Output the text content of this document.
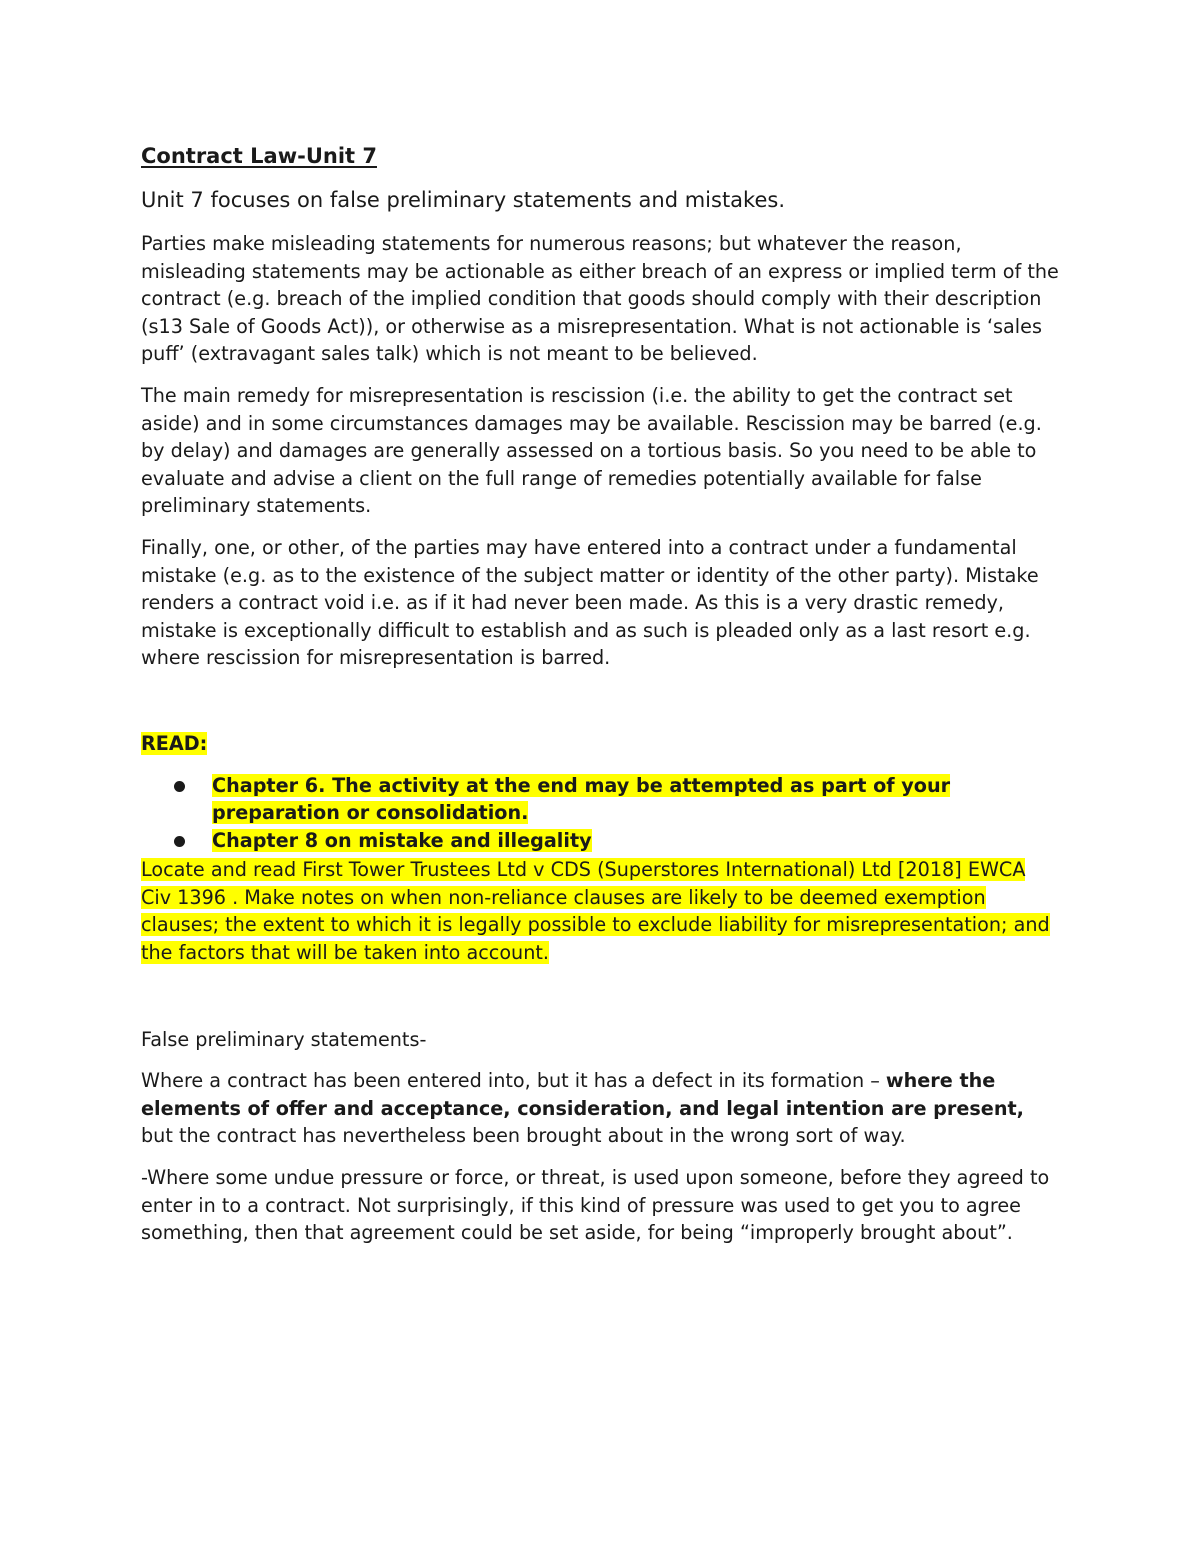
Contract Law-Unit 7
Unit 7 focuses on false preliminary statements and mistakes.

Parties make misleading statements for numerous reasons; but whatever the reason, misleading statements may be actionable as either breach of an express or implied term of the contract (e.g. breach of the implied condition that goods should comply with their description (s13 Sale of Goods Act)), or otherwise as a misrepresentation. What is not actionable is ‘sales puff’ (extravagant sales talk) which is not meant to be believed.

The main remedy for misrepresentation is rescission (i.e. the ability to get the contract set aside) and in some circumstances damages may be available. Rescission may be barred (e.g. by delay) and damages are generally assessed on a tortious basis. So you need to be able to evaluate and advise a client on the full range of remedies potentially available for false preliminary statements.

Finally, one, or other, of the parties may have entered into a contract under a fundamental mistake (e.g. as to the existence of the subject matter or identity of the other party). Mistake renders a contract void i.e. as if it had never been made. As this is a very drastic remedy, mistake is exceptionally difficult to establish and as such is pleaded only as a last resort e.g. where rescission for misrepresentation is barred.

READ:
Chapter 6. The activity at the end may be attempted as part of your preparation or consolidation.
Chapter 8 on mistake and illegality
Locate and read First Tower Trustees Ltd v CDS (Superstores International) Ltd [2018] EWCA Civ 1396 . Make notes on when non-reliance clauses are likely to be deemed exemption clauses; the extent to which it is legally possible to exclude liability for misrepresentation; and the factors that will be taken into account.
False preliminary statements-

Where a contract has been entered into, but it has a defect in its formation – where the elements of offer and acceptance, consideration, and legal intention are present, but the contract has nevertheless been brought about in the wrong sort of way.

-Where some undue pressure or force, or threat, is used upon someone, before they agreed to enter in to a contract. Not surprisingly, if this kind of pressure was used to get you to agree something, then that agreement could be set aside, for being “improperly brought about”.
